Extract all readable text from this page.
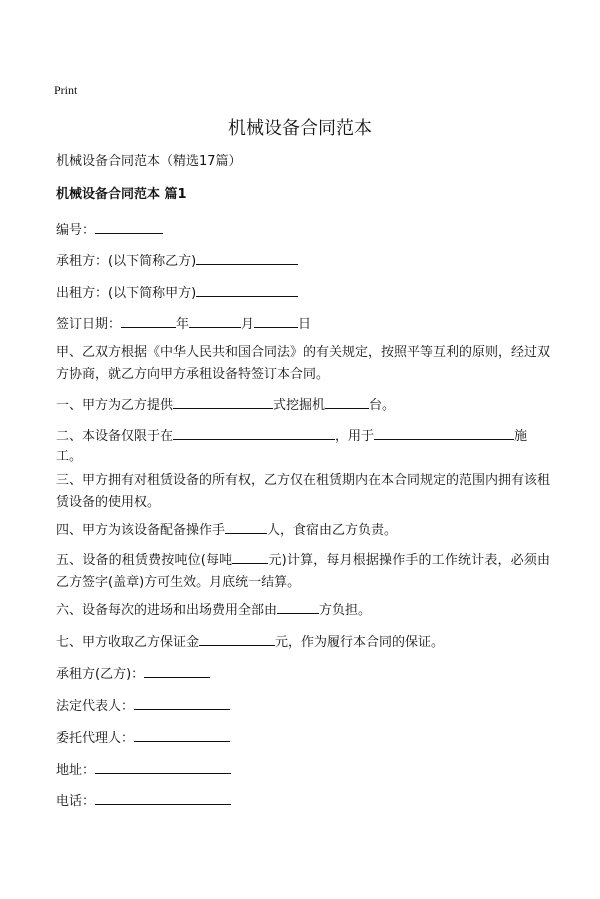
Print
机械设备合同范本
机械设备合同范本（精选17篇）
机械设备合同范本 篇1
编号：
承租方：(以下简称乙方)
出租方：(以下简称甲方)
签订日期：	年	月	日
甲、乙双方根据《中华人民共和国合同法》的有关规定，按照平等互利的原则，经过双方协商，就乙方向甲方承租设备特签订本合同。
一、甲方为乙方提供	式挖掘机	台。
二、本设备仅限于在	，用于	施
工。
三、甲方拥有对租赁设备的所有权，乙方仅在租赁期内在本合同规定的范围内拥有该租赁设备的使用权。
四、甲方为该设备配备操作手	人，食宿由乙方负责。
五、设备的租赁费按吨位(每吨	元)计算，每月根据操作手的工作统计表，必须由乙方签字(盖章)方可生效。月底统一结算。
六、设备每次的进场和出场费用全部由	方负担。
七、甲方收取乙方保证金	元，作为履行本合同的保证。
承租方(乙方)：
法定代表人：
委托代理人：
地址：
电话：
